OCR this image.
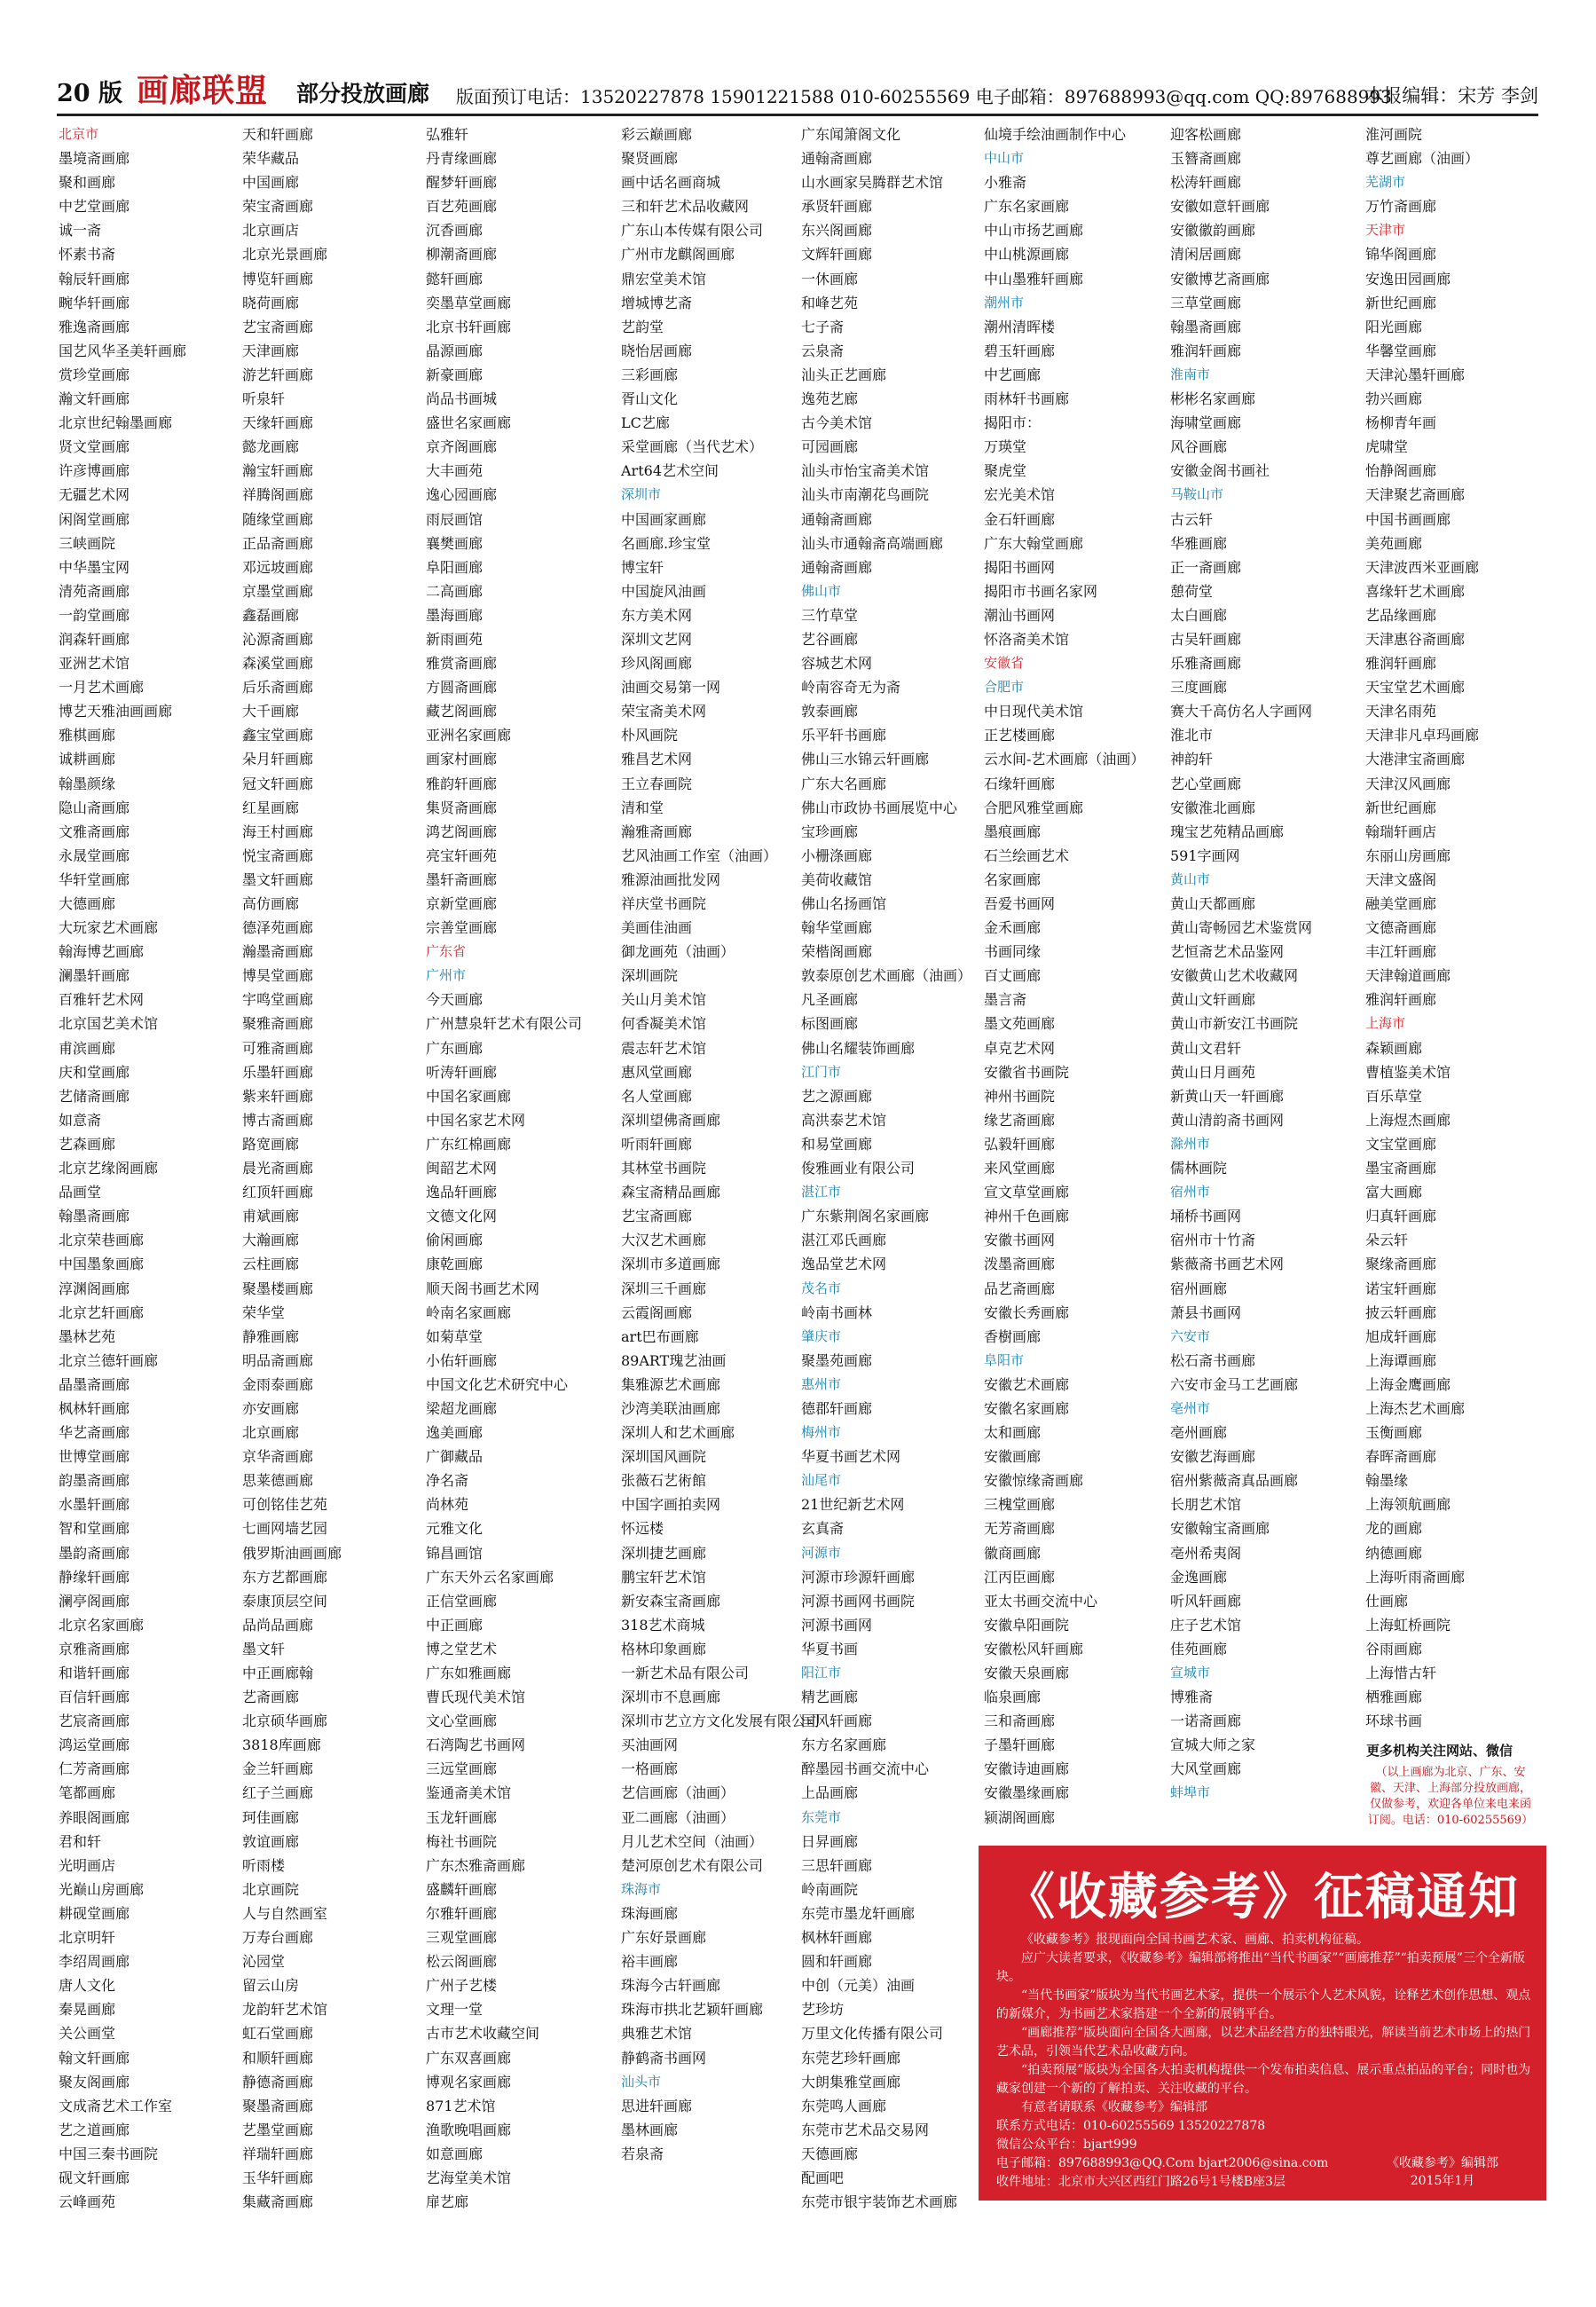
20 版 画廊联盟 部分投放画廊 版面预订电话：13520227878 15901221588 010-60255569 电子邮箱：897688993@qq.com QQ:897688993
本报编辑：宋芳 李剑
北京市
墨境斋画廊
聚和画廊
中艺堂画廊
诚一斋
怀素书斋
翰辰轩画廊
畹华轩画廊
雅逸斋画廊
国艺风华圣美轩画廊
赏珍堂画廊
瀚文轩画廊
北京世纪翰墨画廊
贤文堂画廊
许彦博画廊
无疆艺术网
闲阁堂画廊
三峡画院
中华墨宝网
清苑斋画廊
一韵堂画廊
润森轩画廊
亚洲艺术馆
一月艺术画廊
博艺天雅油画画廊
雅棋画廊
诚耕画廊
翰墨颜缘
隐山斋画廊
文雅斋画廊
永晟堂画廊
华轩堂画廊
大德画廊
大玩家艺术画廊
翰海博艺画廊
澜墨轩画廊
百雅轩艺术网
北京国艺美术馆
甫滨画廊
庆和堂画廊
艺储斋画廊
如意斋
艺森画廊
北京艺缘阁画廊
品画堂
翰墨斋画廊
北京荣巷画廊
中国墨象画廊
淳渊阁画廊
北京艺轩画廊
墨林艺苑
北京兰德轩画廊
晶墨斋画廊
枫林轩画廊
华艺斋画廊
世博堂画廊
韵墨斋画廊
水墨轩画廊
智和堂画廊
墨韵斋画廊
静缘轩画廊
澜亭阁画廊
北京名家画廊
京雅斋画廊
和谐轩画廊
百信轩画廊
艺宸斋画廊
鸿运堂画廊
仁芳斋画廊
笔都画廊
养眼阁画廊
君和轩
光明画店
光巅山房画廊
耕砚堂画廊
北京明轩
李绍周画廊
唐人文化
秦晃画廊
关公画堂
翰文轩画廊
聚友阁画廊
文成斋艺术工作室
艺之道画廊
中国三秦书画院
砚文轩画廊
云峰画苑
天和轩画廊
荣华藏品
中国画廊
荣宝斋画廊
北京画店
北京光景画廊
博览轩画廊
晓荷画廊
艺宝斋画廊
天津画廊
游艺轩画廊
听泉轩
天缘轩画廊
懿龙画廊
瀚宝轩画廊
祥腾阁画廊
随缘堂画廊
正品斋画廊
邓远坡画廊
京墨堂画廊
鑫磊画廊
沁源斋画廊
森溪堂画廊
后乐斋画廊
大千画廊
鑫宝堂画廊
朵月轩画廊
冠文轩画廊
红星画廊
海王村画廊
悦宝斋画廊
墨文轩画廊
高仿画廊
德泽苑画廊
瀚墨斋画廊
博昊堂画廊
宇鸣堂画廊
聚雅斋画廊
可雅斋画廊
乐墨轩画廊
紫来轩画廊
博古斋画廊
路宽画廊
晨光斋画廊
红顶轩画廊
甫斌画廊
大瀚画廊
云柱画廊
聚墨楼画廊
荣华堂
静雅画廊
明品斋画廊
金雨泰画廊
亦安画廊
北京画廊
京华斋画廊
思莱德画廊
可创铭佳艺苑
七画网墙艺园
俄罗斯油画画廊
东方艺都画廊
泰康顶层空间
品尚品画廊
墨文轩
中正画廊翰
艺斋画廊
北京硕华画廊
3818库画廊
金兰轩画廊
红子兰画廊
珂佳画廊
敦谊画廊
听雨楼
北京画院
人与自然画室
万寿台画廊
沁园堂
留云山房
龙韵轩艺术馆
虹石堂画廊
和顺轩画廊
静德斋画廊
聚墨斋画廊
艺墨堂画廊
祥瑞轩画廊
玉华轩画廊
集藏斋画廊
弘雅轩
丹青缘画廊
醒梦轩画廊
百艺苑画廊
沉香画廊
柳潮斋画廊
懿轩画廊
奕墨草堂画廊
北京书轩画廊
晶源画廊
新豪画廊
尚品书画城
盛世名家画廊
京齐阁画廊
大丰画苑
逸心园画廊
雨辰画馆
襄樊画廊
阜阳画廊
二高画廊
墨海画廊
新雨画苑
雅赏斋画廊
方圆斋画廊
藏艺阁画廊
亚洲名家画廊
画家村画廊
雅韵轩画廊
集贤斋画廊
鸿艺阁画廊
亮宝轩画苑
墨轩斋画廊
京新堂画廊
宗善堂画廊
广东省
广州市
今天画廊
广州慧泉轩艺术有限公司
广东画廊
听涛轩画廊
中国名家画廊
中国名家艺术网
广东红棉画廊
闽韶艺术网
逸品轩画廊
文德文化网
偷闲画廊
康乾画廊
顺天阁书画艺术网
岭南名家画廊
如菊草堂
小佑轩画廊
中国文化艺术研究中心
梁超龙画廊
逸美画廊
广御藏品
净名斋
尚林苑
元雅文化
锦昌画馆
广东天外云名家画廊
正信堂画廊
中正画廊
博之堂艺术
广东如雅画廊
曹氏现代美术馆
文心堂画廊
石湾陶艺书画网
三远堂画廊
鉴通斋美术馆
玉龙轩画廊
梅社书画院
广东杰雅斋画廊
盛麟轩画廊
尔雅轩画廊
三观堂画廊
松云阁画廊
广州子艺楼
文理一堂
古市艺术收藏空间
广东双喜画廊
博观名家画廊
871艺术馆
渔歌晚唱画廊
如意画廊
艺海堂美术馆
扉艺廊
彩云巅画廊
聚贤画廊
画中话名画商城
三和轩艺术品收藏网
广东山本传媒有限公司
广州市龙麒阁画廊
鼎宏堂美术馆
增城博艺斋
艺韵堂
晓怡居画廊
三彩画廊
胥山文化
LC艺廊
采堂画廊（当代艺术）
Art64艺术空间
深圳市
中国画家画廊
名画廊.珍宝堂
博宝轩
中国旋风油画
东方美术网
深圳文艺网
珍风阁画廊
油画交易第一网
荣宝斋美术网
朴风画院
雅昌艺术网
王立春画院
清和堂
瀚雅斋画廊
艺风油画工作室（油画）
雅源油画批发网
祥庆堂书画院
美画佳油画
御龙画苑（油画）
深圳画院
关山月美术馆
何香凝美术馆
震志轩艺术馆
惠风堂画廊
名人堂画廊
深圳望佛斋画廊
听雨轩画廊
其林堂书画院
森宝斋精品画廊
艺宝斋画廊
大汉艺术画廊
深圳市多道画廊
深圳三千画廊
云霞阁画廊
art巴布画廊
89ART瑰艺油画
集雅源艺术画廊
沙湾美联油画廊
深圳人和艺术画廊
深圳国风画院
张薇石艺術館
中国字画拍卖网
怀远楼
深圳捷艺画廊
鹏宝轩艺术馆
新安森宝斋画廊
318艺术商城
格林印象画廊
一新艺术品有限公司
深圳市不息画廊
深圳市艺立方文化发展有限公司
买油画网
一格画廊
艺信画廊（油画）
亚二画廊（油画）
月儿艺术空间（油画）
楚河原创艺术有限公司
珠海市
珠海画廊
广东好景画廊
裕丰画廊
珠海今古轩画廊
珠海市拱北艺颖轩画廊
典雅艺术馆
静鹤斋书画网
汕头市
思进轩画廊
墨林画廊
若泉斋
广东闻箫阁文化
通翰斋画廊
山水画家吴腾群艺术馆
承贤轩画廊
东兴阁画廊
文辉轩画廊
一休画廊
和峰艺苑
七子斋
云泉斋
汕头正艺画廊
逸苑艺廊
古今美术馆
可园画廊
汕头市怡宝斋美术馆
汕头市南潮花鸟画院
通翰斋画廊
汕头市通翰斋高端画廊
通翰斋画廊
佛山市
三竹草堂
艺谷画廊
容城艺术网
岭南容奇无为斋
敦泰画廊
乐平轩书画廊
佛山三水锦云轩画廊
广东大名画廊
佛山市政协书画展览中心
宝珍画廊
小栅涤画廊
美荷收藏馆
佛山名扬画馆
翰华堂画廊
荣楷阁画廊
敦泰原创艺术画廊（油画）
凡圣画廊
标图画廊
佛山名耀装饰画廊
江门市
艺之源画廊
高洪泰艺术馆
和易堂画廊
俊雅画业有限公司
湛江市
广东紫荆阁名家画廊
湛江邓氏画廊
逸品堂艺术网
茂名市
岭南书画林
肇庆市
聚墨苑画廊
惠州市
德郡轩画廊
梅州市
华夏书画艺术网
汕尾市
21世纪新艺术网
玄真斋
河源市
河源市珍源轩画廊
河源书画网书画院
河源书画网
华夏书画
阳江市
精艺画廊
国风轩画廊
东方名家画廊
醉墨园书画交流中心
上品画廊
东莞市
日昇画廊
三思轩画廊
岭南画院
东莞市墨龙轩画廊
枫林轩画廊
圆和轩画廊
中创（元美）油画
艺珍坊
万里文化传播有限公司
东莞艺珍轩画廊
大朗集雅堂画廊
东莞鸣人画廊
东莞市艺术品交易网
天德画廊
配画吧
东莞市银宇装饰艺术画廊
仙境手绘油画制作中心
中山市
小雅斋
广东名家画廊
中山市扬艺画廊
中山桃源画廊
中山墨雅轩画廊
潮州市
潮州清晖楼
碧玉轩画廊
中艺画廊
雨林轩书画廊
揭阳市：
万瑛堂
聚虎堂
宏光美术馆
金石轩画廊
广东大翰堂画廊
揭阳书画网
揭阳市书画名家网
潮汕书画网
怀洛斋美术馆
安徽省
合肥市
中日现代美术馆
正艺楼画廊
云水间-艺术画廊（油画）
石缘轩画廊
合肥风雅堂画廊
墨痕画廊
石兰绘画艺术
名家画廊
吾爱书画网
金禾画廊
书画同缘
百丈画廊
墨言斋
墨文苑画廊
卓克艺术网
安徽省书画院
神州书画院
缘艺斋画廊
弘毅轩画廊
来风堂画廊
宣文草堂画廊
神州千色画廊
安徽书画网
泼墨斋画廊
品艺斋画廊
安徽长秀画廊
香樹画廊
阜阳市
安徽艺术画廊
安徽名家画廊
太和画廊
安徽画廊
安徽惊缘斋画廊
三槐堂画廊
无芳斋画廊
徽商画廊
江丙臣画廊
亚太书画交流中心
安徽阜阳画院
安徽松风轩画廊
安徽天泉画廊
临泉画廊
三和斋画廊
子墨轩画廊
安徽诗迪画廊
安徽墨缘画廊
颍湖阁画廊
迎客松画廊
玉簪斋画廊
松涛轩画廊
安徽如意轩画廊
安徽徽韵画廊
清闲居画廊
安徽博艺斋画廊
三草堂画廊
翰墨斋画廊
雅润轩画廊
淮南市
彬彬名家画廊
海啸堂画廊
风谷画廊
安徽金阁书画社
马鞍山市
古云轩
华雅画廊
正一斋画廊
憩荷堂
太白画廊
古吴轩画廊
乐雅斋画廊
三度画廊
赛大千高仿名人字画网
淮北市
神韵轩
艺心堂画廊
安徽淮北画廊
瑰宝艺苑精品画廊
591字画网
黄山市
黄山天都画廊
黄山寄畅园艺术鉴赏网
艺恒斋艺术品鉴网
安徽黄山艺术收藏网
黄山文轩画廊
黄山市新安江书画院
黄山文君轩
黄山日月画苑
新黄山天一轩画廊
黄山清韵斋书画网
滁州市
儒林画院
宿州市
埇桥书画网
宿州市十竹斋
紫薇斋书画艺术网
宿州画廊
萧县书画网
六安市
松石斋书画廊
六安市金马工艺画廊
亳州市
亳州画廊
安徽艺海画廊
宿州紫薇斋真品画廊
长朋艺术馆
安徽翰宝斋画廊
亳州希夷阁
金逸画廊
听风轩画廊
庄子艺术馆
佳苑画廊
宣城市
博雅斋
一诺斋画廊
宣城大师之家
大风堂画廊
蚌埠市
淮河画院
尊艺画廊（油画）
芜湖市
万竹斋画廊
天津市
锦华阁画廊
安逸田园画廊
新世纪画廊
阳光画廊
华馨堂画廊
天津沁墨轩画廊
勃兴画廊
杨柳青年画
虎啸堂
怡静阁画廊
天津聚艺斋画廊
中国书画画廊
美苑画廊
天津波西米亚画廊
喜缘轩艺术画廊
艺品缘画廊
天津惠谷斋画廊
雅润轩画廊
天宝堂艺术画廊
天津名雨苑
天津非凡卓玛画廊
大港津宝斋画廊
天津汉风画廊
新世纪画廊
翰瑞轩画店
东丽山房画廊
天津文盛阁
融美堂画廊
文德斋画廊
丰江轩画廊
天津翰道画廊
雅润轩画廊
上海市
森颖画廊
曹植鉴美术馆
百乐草堂
上海煜杰画廊
文宝堂画廊
墨宝斋画廊
富大画廊
归真轩画廊
朵云轩
聚缘斋画廊
诺宝轩画廊
披云轩画廊
旭成轩画廊
上海谭画廊
上海金鹰画廊
上海杰艺术画廊
玉衡画廊
春晖斋画廊
翰墨缘
上海领航画廊
龙的画廊
纳德画廊
上海听雨斋画廊
仕画廊
上海虹桥画院
谷雨画廊
上海惜古轩
栖雅画廊
环球书画
更多机构关注网站、微信
（以上画廊为北京、广东、安徽、天津、上海部分投放画廊，仅做参考，欢迎各单位来电来函订阅。电话：010-60255569）
《收藏参考》征稿通知

《收藏参考》报现面向全国书画艺术家、画廊、拍卖机构征稿。

应广大读者要求，《收藏参考》编辑部将推出“当代书画家”“画廊推荐”“拍卖预展”三个全新版块。

“当代书画家”版块为当代书画艺术家，提供一个展示个人艺术风貌，诠释艺术创作思想、观点的新媒介，为书画艺术家搭建一个全新的展销平台。

“画廊推荐”版块面向全国各大画廊，以艺术品经营方的独特眼光，解读当前艺术市场上的热门艺术品，引领当代艺术品收藏方向。

“拍卖预展”版块为全国各大拍卖机构提供一个发布拍卖信息、展示重点拍品的平台；同时也为藏家创建一个新的了解拍卖、关注收藏的平台。

有意者请联系《收藏参考》编辑部

联系方式电话：010-60255569 13520227878

微信公众平台：bjart999

电子邮箱：897688993@QQ.Com bjart2006@sina.com

收件地址：北京市大兴区西红门路26号1号楼B座3层

《收藏参考》编辑部
2015年1月
